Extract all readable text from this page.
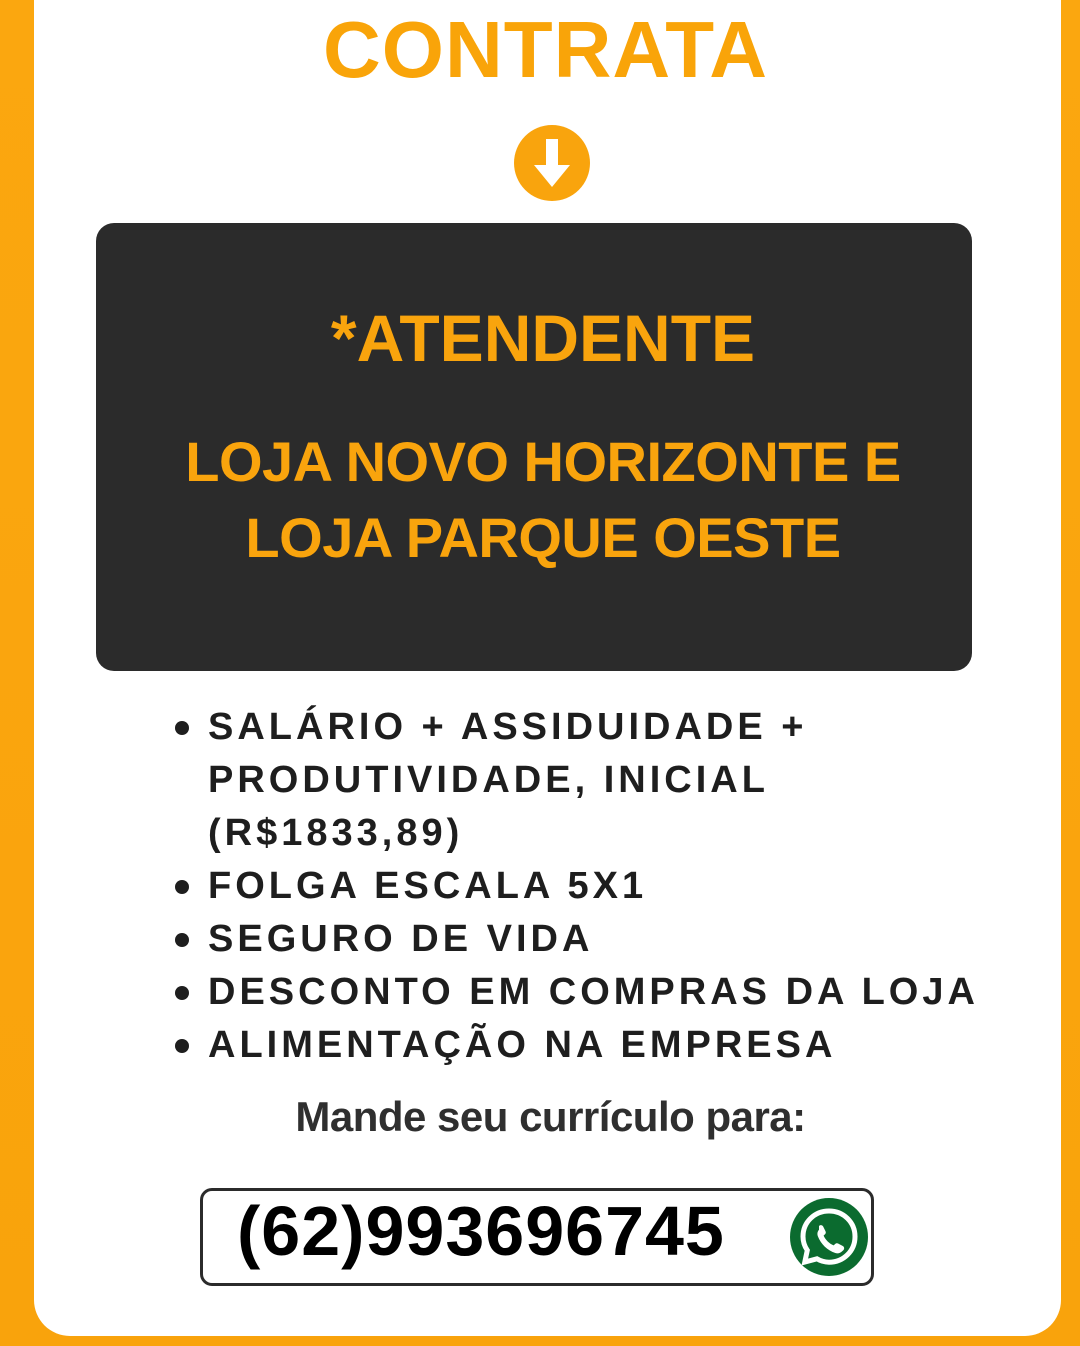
CONTRATA
*ATENDENTE
LOJA NOVO HORIZONTE E
LOJA PARQUE OESTE
SALÁRIO + ASSIDUIDADE + PRODUTIVIDADE, INICIAL (R$1833,89)
FOLGA ESCALA 5X1
SEGURO DE VIDA
DESCONTO EM COMPRAS DA LOJA
ALIMENTAÇÃO NA EMPRESA
Mande seu currículo para:
(62)993696745
